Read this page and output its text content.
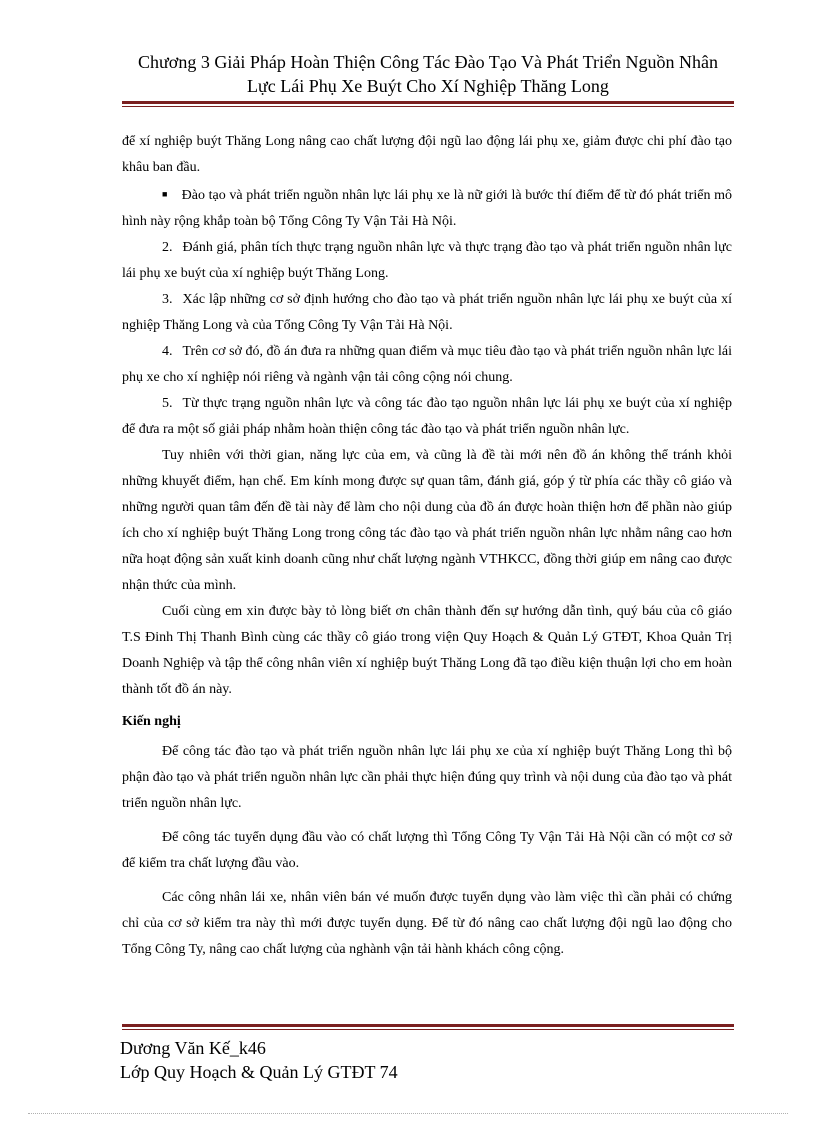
Chương 3 Giải Pháp Hoàn Thiện Công Tác Đào Tạo Và Phát Triển Nguồn Nhân
Lực Lái Phụ Xe Buýt Cho Xí Nghiệp Thăng Long

để xí nghiệp buýt Thăng Long nâng cao chất lượng đội ngũ lao động lái phụ xe, giảm được chi phí đào tạo khâu ban đầu.

■ Đào tạo và phát triển nguồn nhân lực lái phụ xe là nữ giới là bước thí điểm để từ đó phát triển mô hình này rộng khắp toàn bộ Tổng Công Ty Vận Tải Hà Nội.

2. Đánh giá, phân tích thực trạng nguồn nhân lực và thực trạng đào tạo và phát triển nguồn nhân lực lái phụ xe buýt của xí nghiệp buýt Thăng Long.

3. Xác lập những cơ sở định hướng cho đào tạo và phát triển nguồn nhân lực lái phụ xe buýt của xí nghiệp Thăng Long và của Tổng Công Ty Vận Tải Hà Nội.

4. Trên cơ sở đó, đồ án đưa ra những quan điểm và mục tiêu đào tạo và phát triển nguồn nhân lực lái phụ xe cho xí nghiệp nói riêng và ngành vận tải công cộng nói chung.

5. Từ thực trạng nguồn nhân lực và công tác đào tạo nguồn nhân lực lái phụ xe buýt của xí nghiệp để đưa ra một số giải pháp nhằm hoàn thiện công tác đào tạo và phát triển nguồn nhân lực.

Tuy nhiên với thời gian, năng lực của em, và cũng là đề tài mới nên đồ án không thể tránh khỏi những khuyết điểm, hạn chế. Em kính mong được sự quan tâm, đánh giá, góp ý từ phía các thầy cô giáo và những người quan tâm đến đề tài này để làm cho nội dung của đồ án được hoàn thiện hơn để phần nào giúp ích cho xí nghiệp buýt Thăng Long trong công tác đào tạo và phát triển nguồn nhân lực nhằm nâng cao hơn nữa hoạt động sản xuất kinh doanh cũng như chất lượng ngành VTHKCC, đồng thời giúp em nâng cao được nhận thức của mình.

Cuối cùng em xin được bày tỏ lòng biết ơn chân thành đến sự hướng dẫn tình, quý báu của cô giáo T.S Đinh Thị Thanh Bình cùng các thầy cô giáo trong viện Quy Hoạch & Quản Lý GTĐT, Khoa Quản Trị Doanh Nghiệp và tập thể công nhân viên xí nghiệp buýt Thăng Long đã tạo điều kiện thuận lợi cho em hoàn thành tốt đồ án này.

Kiến nghị

Để công tác đào tạo và phát triển nguồn nhân lực lái phụ xe của xí nghiệp buýt Thăng Long thì bộ phận đào tạo và phát triển nguồn nhân lực cần phải thực hiện đúng quy trình và nội dung của đào tạo và phát triển nguồn nhân lực.

Để công tác tuyển dụng đầu vào có chất lượng thì Tổng Công Ty Vận Tải Hà Nội cần có một cơ sở để kiểm tra chất lượng đầu vào.

Các công nhân lái xe, nhân viên bán vé muốn được tuyển dụng vào làm việc thì cần phải có chứng chỉ của cơ sở kiểm tra này thì mới được tuyển dụng. Để từ đó nâng cao chất lượng đội ngũ lao động cho Tổng Công Ty, nâng cao chất lượng của nghành vận tải hành khách công cộng.

Dương Văn Kế_k46
Lớp Quy Hoạch & Quản Lý GTĐT 74
